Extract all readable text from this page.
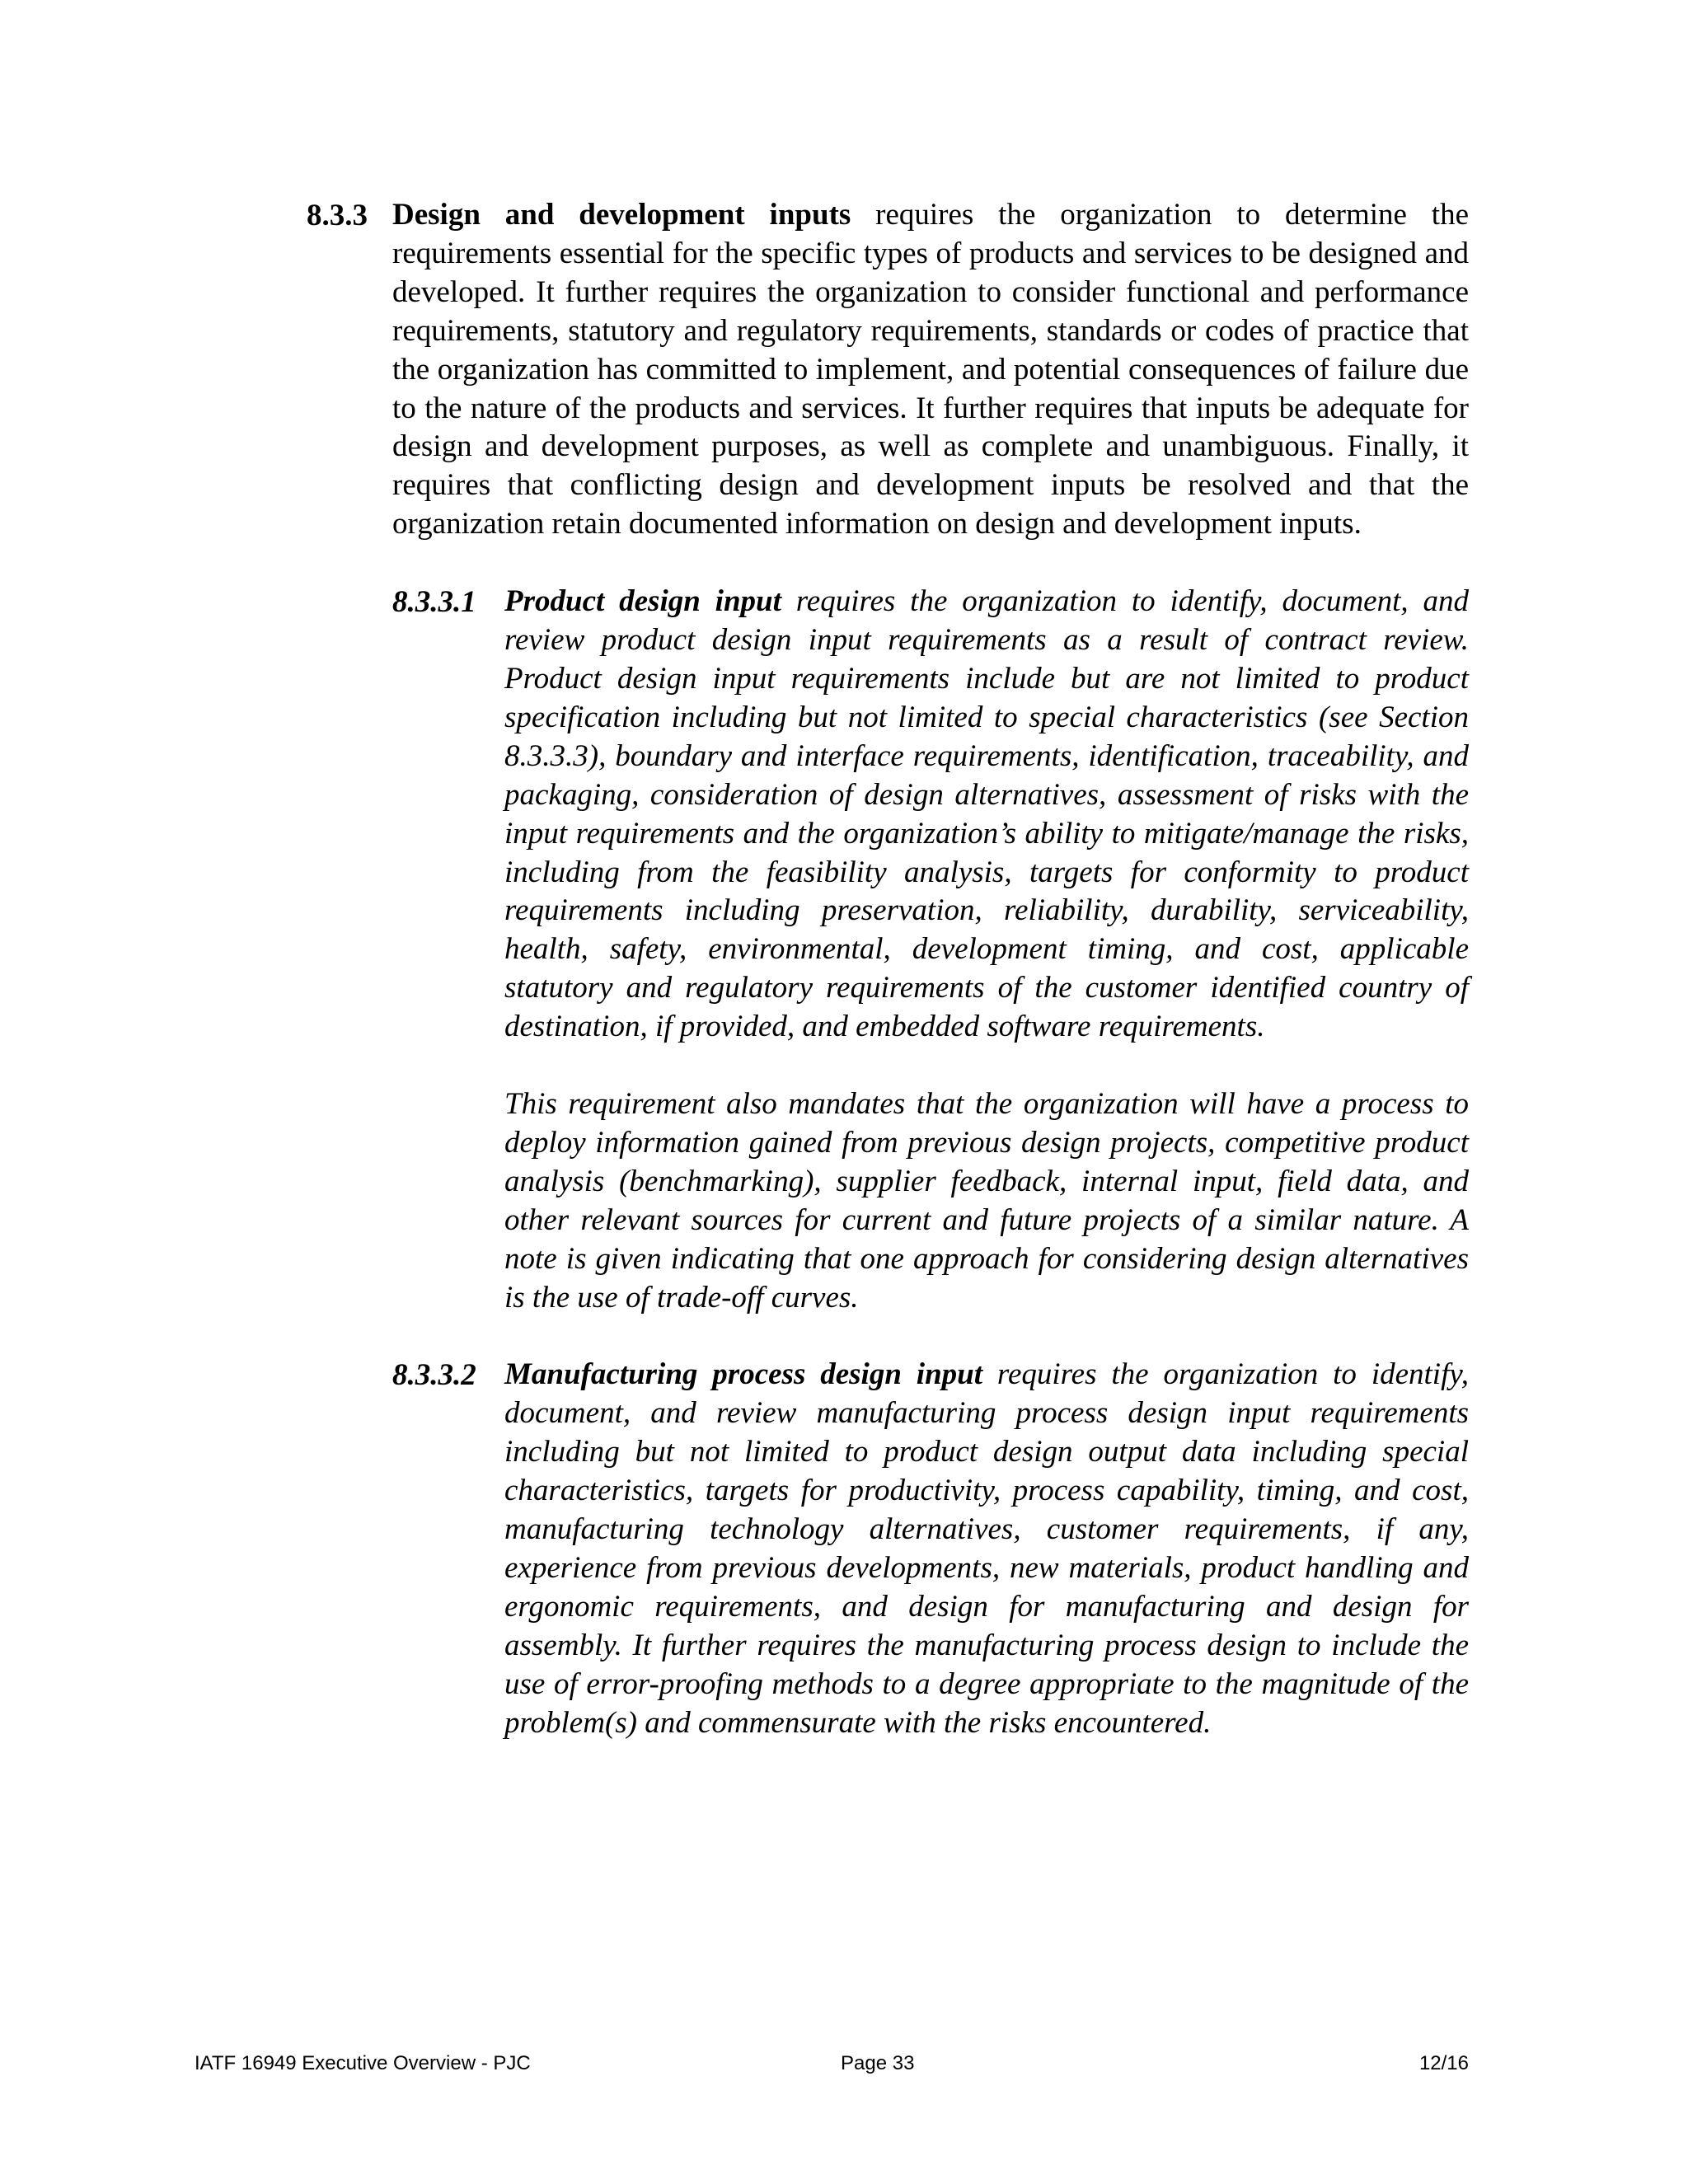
8.3.3 Design and development inputs requires the organization to determine the requirements essential for the specific types of products and services to be designed and developed. It further requires the organization to consider functional and performance requirements, statutory and regulatory requirements, standards or codes of practice that the organization has committed to implement, and potential consequences of failure due to the nature of the products and services. It further requires that inputs be adequate for design and development purposes, as well as complete and unambiguous. Finally, it requires that conflicting design and development inputs be resolved and that the organization retain documented information on design and development inputs.
8.3.3.1 Product design input requires the organization to identify, document, and review product design input requirements as a result of contract review. Product design input requirements include but are not limited to product specification including but not limited to special characteristics (see Section 8.3.3.3), boundary and interface requirements, identification, traceability, and packaging, consideration of design alternatives, assessment of risks with the input requirements and the organization’s ability to mitigate/manage the risks, including from the feasibility analysis, targets for conformity to product requirements including preservation, reliability, durability, serviceability, health, safety, environmental, development timing, and cost, applicable statutory and regulatory requirements of the customer identified country of destination, if provided, and embedded software requirements.
This requirement also mandates that the organization will have a process to deploy information gained from previous design projects, competitive product analysis (benchmarking), supplier feedback, internal input, field data, and other relevant sources for current and future projects of a similar nature. A note is given indicating that one approach for considering design alternatives is the use of trade-off curves.
8.3.3.2 Manufacturing process design input requires the organization to identify, document, and review manufacturing process design input requirements including but not limited to product design output data including special characteristics, targets for productivity, process capability, timing, and cost, manufacturing technology alternatives, customer requirements, if any, experience from previous developments, new materials, product handling and ergonomic requirements, and design for manufacturing and design for assembly. It further requires the manufacturing process design to include the use of error-proofing methods to a degree appropriate to the magnitude of the problem(s) and commensurate with the risks encountered.
IATF 16949 Executive Overview - PJC	Page 33	12/16
